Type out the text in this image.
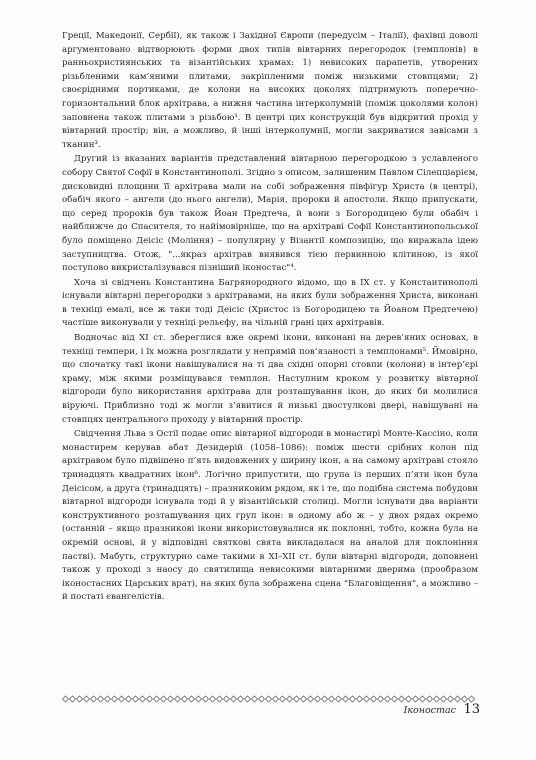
Греції, Македонії, Сербії), як також і Західної Європи (передусім – Італії), фахівці доволі аргументовано відтворюють форми двох типів вівтарних перегородок (темплонів) в ранньохристиянських та візантійських храмах: 1) невисоких парапетів, утворених різьбленими кам’яними плитами, закріпленими поміж низькими стовпцями; 2) своєрідними портиками, де колони на високих цоколях підтримують поперечно-горизонтальний блок архітрава, а нижня частина інтерколумній (поміж цоколями колон) заповнена також плитами з різьбою¹. В центрі цих конструкцій був відкритий прохід у вівтарний простір; він, а можливо, й інші інтерколумнії, могли закриватися завісами з тканин³.

Другий із вказаних варіантів представлений вівтарною перегородкою з уславленого собору Святої Софії в Константинополі. Згідно з описом, залишеним Павлом Сілепціарієм, дисковидні площини її архітрава мали на собі зображення півфігур Христа (в центрі), обабіч якого – ангели (до нього ангели), Марія, пророки й апостоли. Якщо припускати, що серед пророків був також Йоан Предтеча, й вони з Богородицею були обабіч і найближче до Спасителя, то найімовірніше, що на архітраві Софії Константинопольської було поміщено Деісіс (Моління) – популярну у Візантії композицію, що виражала ідею заступництва. Отож, "...якраз архітрав виявився тією первинною клітиною, із якої поступово викристалізувався пізніший іконостас"⁴.

Хоча зі свідчень Константина Багрянородного відомо, що в IX ст. у Константинополі існували вівтарні перегородки з архітравами, на яких були зображення Христа, виконані в техніці емалі, все ж таки тоді Деісіс (Христос із Богородицею та Йоаном Предтечею) частіше виконували у техніці рельєфу, на чільній грані цих архітравів.

Водночас від XI ст. збереглися вже окремі ікони, виконані на дерев’яних основах, в техніці темпери, і їх можна розглядати у непрямій пов’язаності з темплонами⁵. Ймовірно, що спочатку такі ікони навішувалися на ті два східні опорні стовпи (колони) в інтер’єрі храму, між якими розміщувався темплон. Наступним кроком у розвитку вівтарної відгороди було використання архітрава для розташування ікон, до яких би молилися віруючі. Приблизно тоді ж могли з’явитися й низькі двостулкові двері, навішувані на стовпцях центрального проходу у вівтарний простір.

Свідчення Льва з Остії подає опис вівтарної відгороди в монастирі Монте-Кассіно, коли монастирем керував абат Дезидерій (1058–1086): поміж шести срібних колон під архітравом було підвішено п’ять видовжених у ширину ікон, а на самому архітраві стояло тринадцять квадратних ікон⁶. Логічно припустити, що група із перших п’яти ікон була Деісісом, а друга (тринадцять) – празниковим рядом, як і те, що подібна система побудови вівтарної відгороди існувала тоді й у візантійській столиці. Могли існувати два варіанти конструктивного розташування цих груп ікон: в одному або ж – у двох рядах окремо (останній – якщо празникові ікони використовувалися як поклонні, тобто, кожна була на окремій основі, й у відповідні святкові свята викладалася на аналой для поклоніння пастві). Мабуть, структурно саме такими в XI–XII ст. були вівтарні відгороди, доповнені також у проході з наосу до святилища невисокими вівтарними дверима (прообразом іконостасних Царських врат), на яких була зображена сцена "Благовіщення", а можливо – й постаті євангелістів.

Іконостас 13
